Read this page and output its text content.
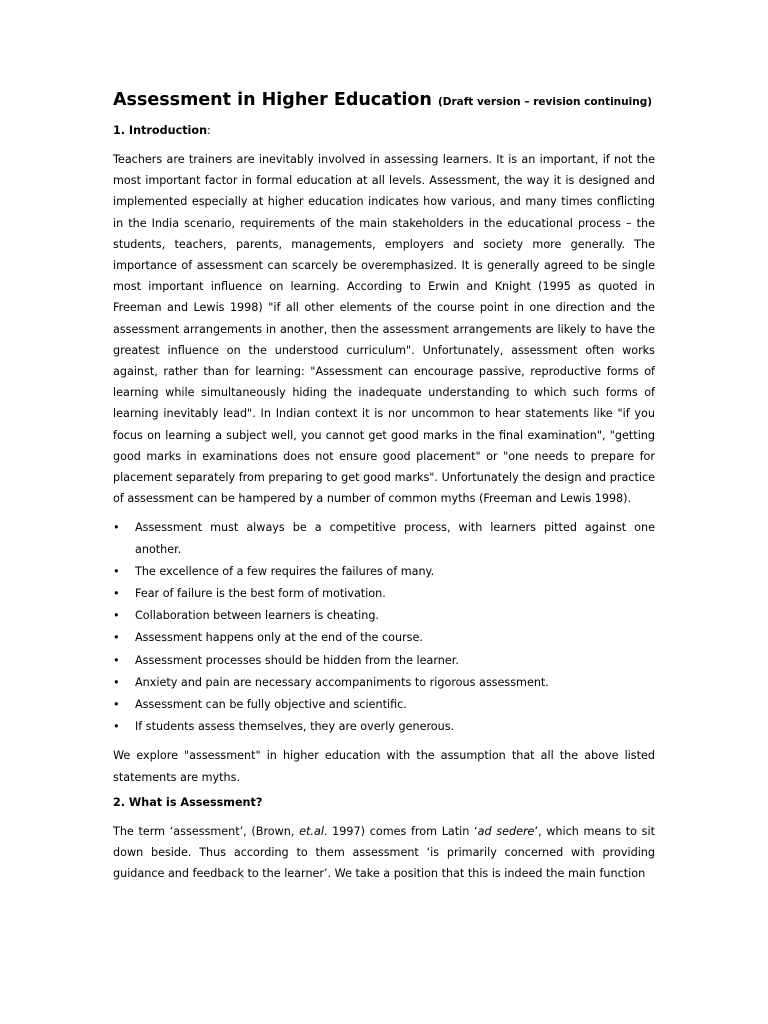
Assessment in Higher Education (Draft version – revision continuing)
1. Introduction:

Teachers are trainers are inevitably involved in assessing learners. It is an important, if not the most important factor in formal education at all levels. Assessment, the way it is designed and implemented especially at higher education indicates how various, and many times conflicting in the India scenario, requirements of the main stakeholders in the educational process – the students, teachers, parents, managements, employers and society more generally. The importance of assessment can scarcely be overemphasized. It is generally agreed to be single most important influence on learning. According to Erwin and Knight (1995 as quoted in Freeman and Lewis 1998) "if all other elements of the course point in one direction and the assessment arrangements in another, then the assessment arrangements are likely to have the greatest influence on the understood curriculum". Unfortunately, assessment often works against, rather than for learning: "Assessment can encourage passive, reproductive forms of learning while simultaneously hiding the inadequate understanding to which such forms of learning inevitably lead". In Indian context it is nor uncommon to hear statements like "if you focus on learning a subject well, you cannot get good marks in the final examination", "getting good marks in examinations does not ensure good placement" or "one needs to prepare for placement separately from preparing to get good marks". Unfortunately the design and practice of assessment can be hampered by a number of common myths (Freeman and Lewis 1998).

• Assessment must always be a competitive process, with learners pitted against one another.
• The excellence of a few requires the failures of many.
• Fear of failure is the best form of motivation.
• Collaboration between learners is cheating.
• Assessment happens only at the end of the course.
• Assessment processes should be hidden from the learner.
• Anxiety and pain are necessary accompaniments to rigorous assessment.
• Assessment can be fully objective and scientific.
• If students assess themselves, they are overly generous.

We explore "assessment" in higher education with the assumption that all the above listed statements are myths.

2. What is Assessment?

The term ‘assessment’, (Brown, et.al. 1997) comes from Latin ‘ad sedere’, which means to sit down beside. Thus according to them assessment ‘is primarily concerned with providing guidance and feedback to the learner’. We take a position that this is indeed the main function
